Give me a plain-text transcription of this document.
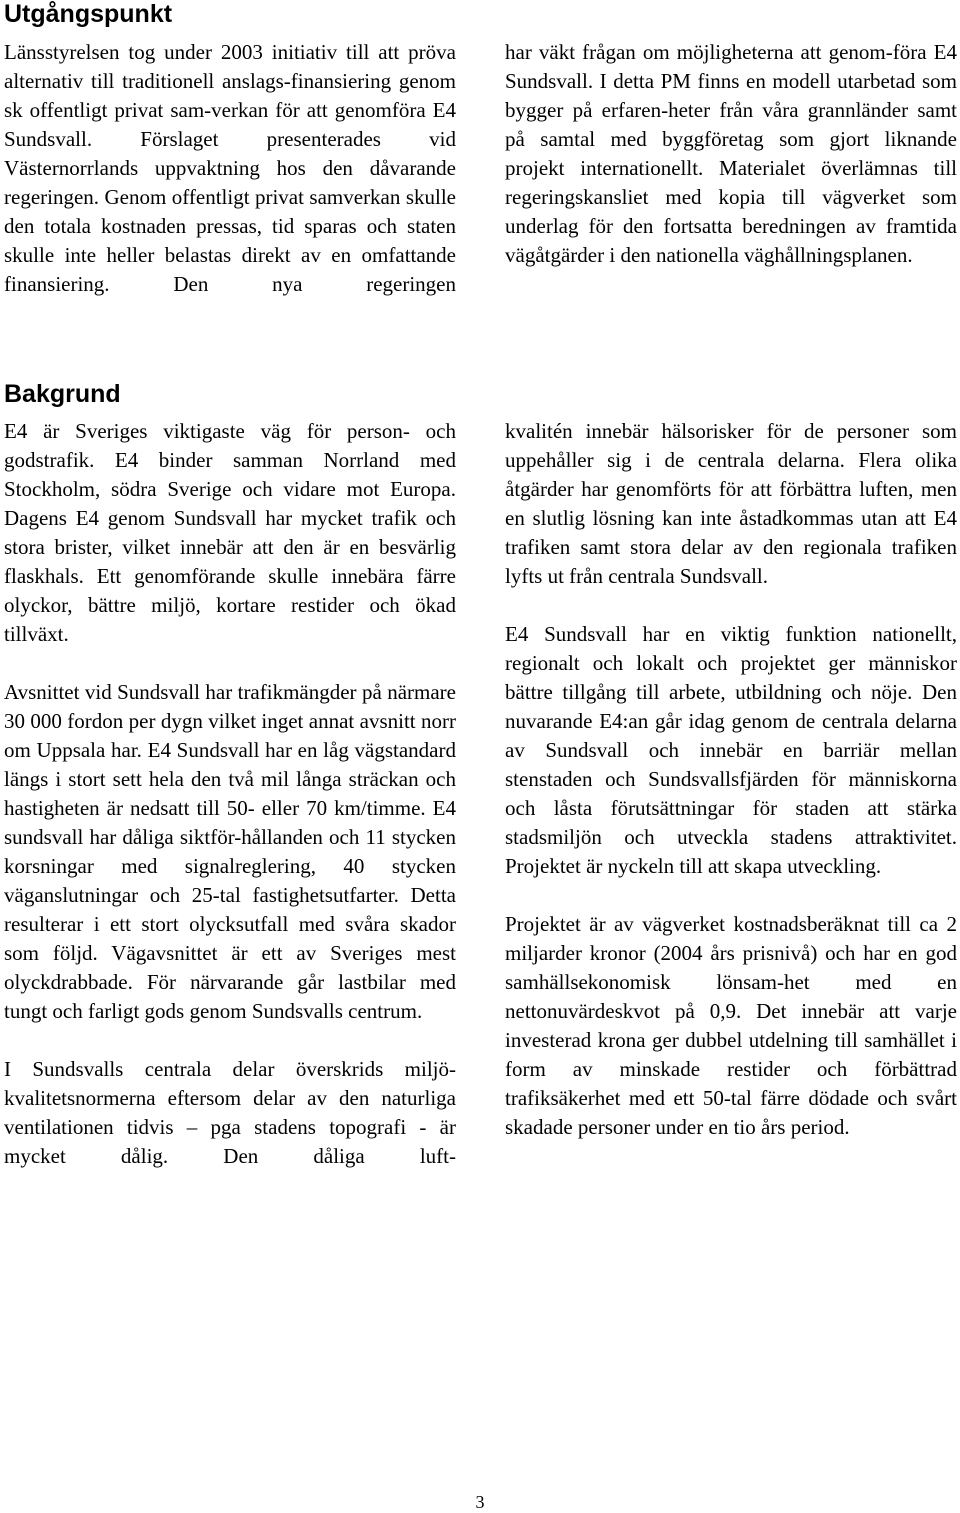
Utgångspunkt

Länsstyrelsen tog under 2003 initiativ till att pröva alternativ till traditionell anslags-finansiering genom sk offentligt privat sam-verkan för att genomföra E4 Sundsvall. Förslaget presenterades vid Västernorrlands uppvaktning hos den dåvarande regeringen. Genom offentligt privat samverkan skulle den totala kostnaden pressas, tid sparas och staten skulle inte heller belastas direkt av en omfattande finansiering. Den nya regeringen

har väkt frågan om möjligheterna att genom-föra E4 Sundsvall. I detta PM finns en modell utarbetad som bygger på erfaren-heter från våra grannländer samt på samtal med byggföretag som gjort liknande projekt internationellt. Materialet överlämnas till regeringskansliet med kopia till vägverket som underlag för den fortsatta beredningen av framtida vägåtgärder i den nationella väghållningsplanen.

Bakgrund

E4 är Sveriges viktigaste väg för person- och godstrafik. E4 binder samman Norrland med Stockholm, södra Sverige och vidare mot Europa. Dagens E4 genom Sundsvall har mycket trafik och stora brister, vilket innebär att den är en besvärlig flaskhals. Ett genomförande skulle innebära färre olyckor, bättre miljö, kortare restider och ökad tillväxt.

Avsnittet vid Sundsvall har trafikmängder på närmare 30 000 fordon per dygn vilket inget annat avsnitt norr om Uppsala har. E4 Sundsvall har en låg vägstandard längs i stort sett hela den två mil långa sträckan och hastigheten är nedsatt till 50- eller 70 km/timme. E4 sundsvall har dåliga siktför-hållanden och 11 stycken korsningar med signalreglering, 40 stycken väganslutningar och 25-tal fastighetsutfarter. Detta resulterar i ett stort olycksutfall med svåra skador som följd. Vägavsnittet är ett av Sveriges mest olyckdrabbade. För närvarande går lastbilar med tungt och farligt gods genom Sundsvalls centrum.

I Sundsvalls centrala delar överskrids miljö-kvalitetsnormerna eftersom delar av den naturliga ventilationen tidvis – pga stadens topografi - är mycket dålig. Den dåliga luft-

kvalitén innebär hälsorisker för de personer som uppehåller sig i de centrala delarna. Flera olika åtgärder har genomförts för att förbättra luften, men en slutlig lösning kan inte åstadkommas utan att E4 trafiken samt stora delar av den regionala trafiken lyfts ut från centrala Sundsvall.

E4 Sundsvall har en viktig funktion nationellt, regionalt och lokalt och projektet ger människor bättre tillgång till arbete, utbildning och nöje. Den nuvarande E4:an går idag genom de centrala delarna av Sundsvall och innebär en barriär mellan stenstaden och Sundsvallsfjärden för människorna och låsta förutsättningar för staden att stärka stadsmiljön och utveckla stadens attraktivitet. Projektet är nyckeln till att skapa utveckling.

Projektet är av vägverket kostnadsberäknat till ca 2 miljarder kronor (2004 års prisnivå) och har en god samhällsekonomisk lönsam-het med en nettonuvärdeskvot på 0,9. Det innebär att varje investerad krona ger dubbel utdelning till samhället i form av minskade restider och förbättrad trafiksäkerhet med ett 50-tal färre dödade och svårt skadade personer under en tio års period.

3
